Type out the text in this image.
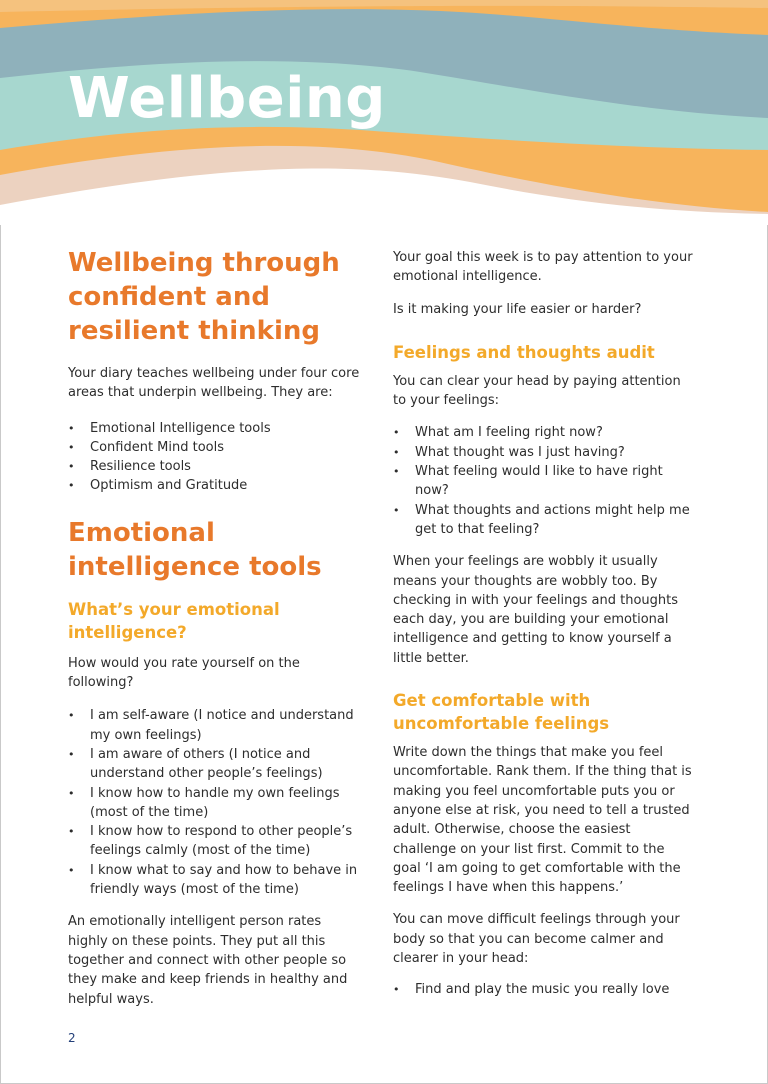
Wellbeing
Wellbeing through confident and resilient thinking

Your diary teaches wellbeing under four core areas that underpin wellbeing. They are:

• Emotional Intelligence tools
• Confident Mind tools
• Resilience tools
• Optimism and Gratitude
Emotional intelligence tools
What’s your emotional intelligence?

How would you rate yourself on the following?

• I am self-aware (I notice and understand my own feelings)
• I am aware of others (I notice and understand other people’s feelings)
• I know how to handle my own feelings (most of the time)
• I know how to respond to other people’s feelings calmly (most of the time)
• I know what to say and how to behave in friendly ways (most of the time)

An emotionally intelligent person rates highly on these points. They put all this together and connect with other people so they make and keep friends in healthy and helpful ways.

Your goal this week is to pay attention to your emotional intelligence.

Is it making your life easier or harder?

Feelings and thoughts audit

You can clear your head by paying attention to your feelings:

• What am I feeling right now?
• What thought was I just having?
• What feeling would I like to have right now?
• What thoughts and actions might help me get to that feeling?

When your feelings are wobbly it usually means your thoughts are wobbly too. By checking in with your feelings and thoughts each day, you are building your emotional intelligence and getting to know yourself a little better.

Get comfortable with uncomfortable feelings

Write down the things that make you feel uncomfortable. Rank them. If the thing that is making you feel uncomfortable puts you or anyone else at risk, you need to tell a trusted adult. Otherwise, choose the easiest challenge on your list first. Commit to the goal ‘I am going to get comfortable with the feelings I have when this happens.’

You can move difficult feelings through your body so that you can become calmer and clearer in your head:

• Find and play the music you really love
2
